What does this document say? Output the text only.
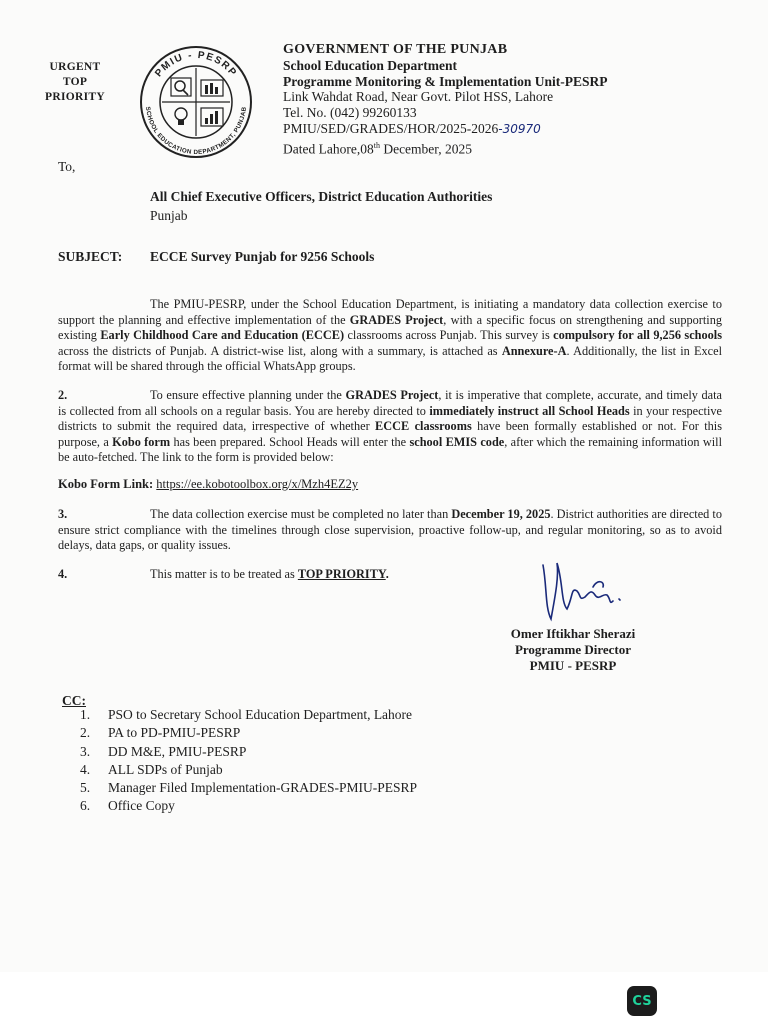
URGENT
TOP
PRIORITY
PMIU - PESRP
SCHOOL EDUCATION DEPARTMENT, PUNJAB
GOVERNMENT OF THE PUNJAB
School Education Department
Programme Monitoring & Implementation Unit-PESRP
Link Wahdat Road, Near Govt. Pilot HSS, Lahore
Tel. No. (042) 99260133
PMIU/SED/GRADES/HOR/2025-2026-30970
Dated Lahore,08th December, 2025
To,
All Chief Executive Officers, District Education Authorities
Punjab
SUBJECT: ECCE Survey Punjab for 9256 Schools
The PMIU-PESRP, under the School Education Department, is initiating a mandatory data collection exercise to support the planning and effective implementation of the GRADES Project, with a specific focus on strengthening and supporting existing Early Childhood Care and Education (ECCE) classrooms across Punjab. This survey is compulsory for all 9,256 schools across the districts of Punjab. A district-wise list, along with a summary, is attached as Annexure-A. Additionally, the list in Excel format will be shared through the official WhatsApp groups.
2.	To ensure effective planning under the GRADES Project, it is imperative that complete, accurate, and timely data is collected from all schools on a regular basis. You are hereby directed to immediately instruct all School Heads in your respective districts to submit the required data, irrespective of whether ECCE classrooms have been formally established or not. For this purpose, a Kobo form has been prepared. School Heads will enter the school EMIS code, after which the remaining information will be auto-fetched. The link to the form is provided below:
Kobo Form Link: https://ee.kobotoolbox.org/x/Mzh4EZ2y
3.	The data collection exercise must be completed no later than December 19, 2025. District authorities are directed to ensure strict compliance with the timelines through close supervision, proactive follow-up, and regular monitoring, so as to avoid delays, data gaps, or quality issues.
4.	This matter is to be treated as TOP PRIORITY.
Omer Iftikhar Sherazi
Programme Director
PMIU - PESRP
CC:
1. PSO to Secretary School Education Department, Lahore
2. PA to PD-PMIU-PESRP
3. DD M&E, PMIU-PESRP
4. ALL SDPs of Punjab
5. Manager Filed Implementation-GRADES-PMIU-PESRP
6. Office Copy
CS
